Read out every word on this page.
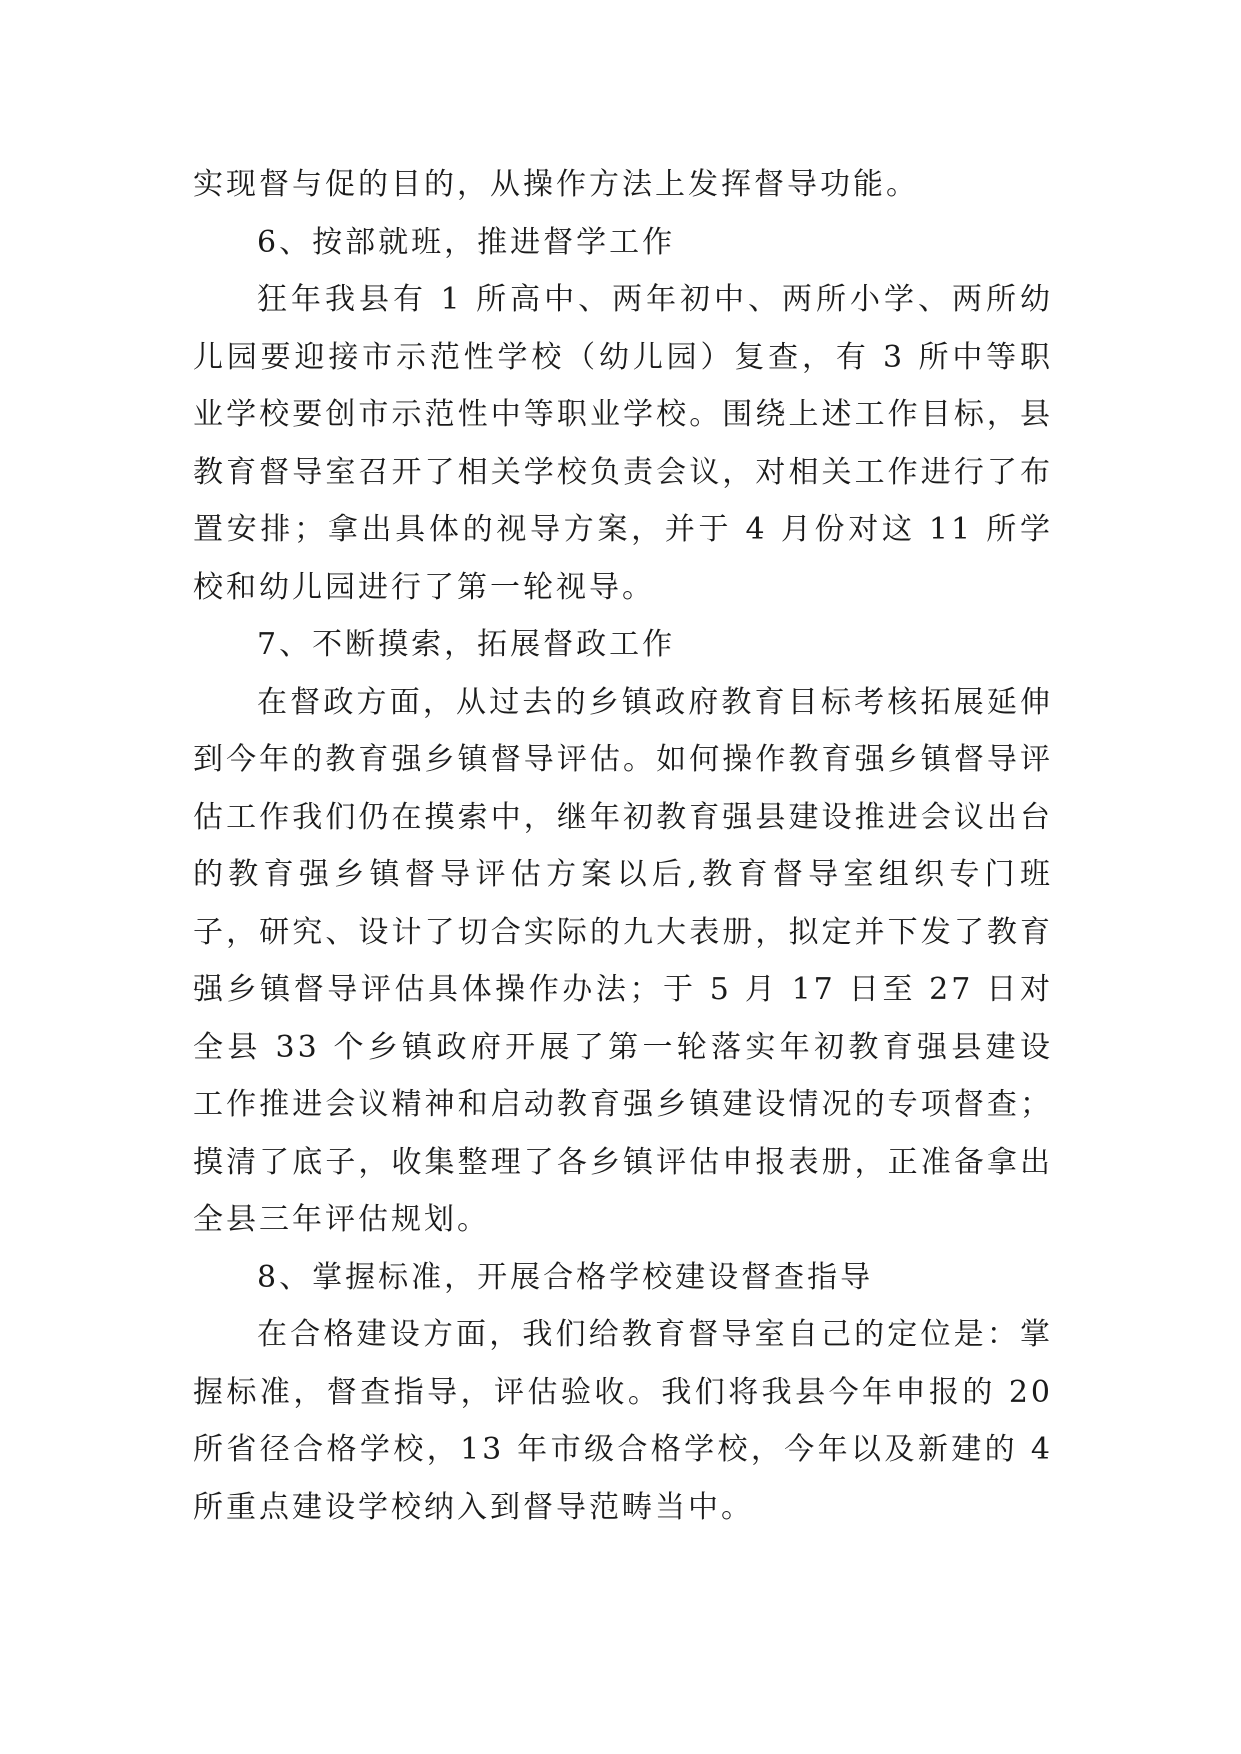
实现督与促的目的，从操作方法上发挥督导功能。

6、按部就班，推进督学工作

狂年我县有 1 所高中、两年初中、两所小学、两所幼儿园要迎接市示范性学校（幼儿园）复查，有 3 所中等职业学校要创市示范性中等职业学校。围绕上述工作目标，县教育督导室召开了相关学校负责会议，对相关工作进行了布置安排；拿出具体的视导方案，并于 4 月份对这 11 所学校和幼儿园进行了第一轮视导。

7、不断摸索，拓展督政工作

在督政方面，从过去的乡镇政府教育目标考核拓展延伸到今年的教育强乡镇督导评估。如何操作教育强乡镇督导评估工作我们仍在摸索中，继年初教育强县建设推进会议出台的教育强乡镇督导评估方案以后,教育督导室组织专门班子，研究、设计了切合实际的九大表册，拟定并下发了教育强乡镇督导评估具体操作办法；于 5 月 17 日至 27 日对全县 33 个乡镇政府开展了第一轮落实年初教育强县建设工作推进会议精神和启动教育强乡镇建设情况的专项督查；摸清了底子，收集整理了各乡镇评估申报表册，正准备拿出全县三年评估规划。

8、掌握标准，开展合格学校建设督查指导

在合格建设方面，我们给教育督导室自己的定位是：掌握标准，督查指导，评估验收。我们将我县今年申报的 20 所省径合格学校，13 年市级合格学校，今年以及新建的 4 所重点建设学校纳入到督导范畴当中。
